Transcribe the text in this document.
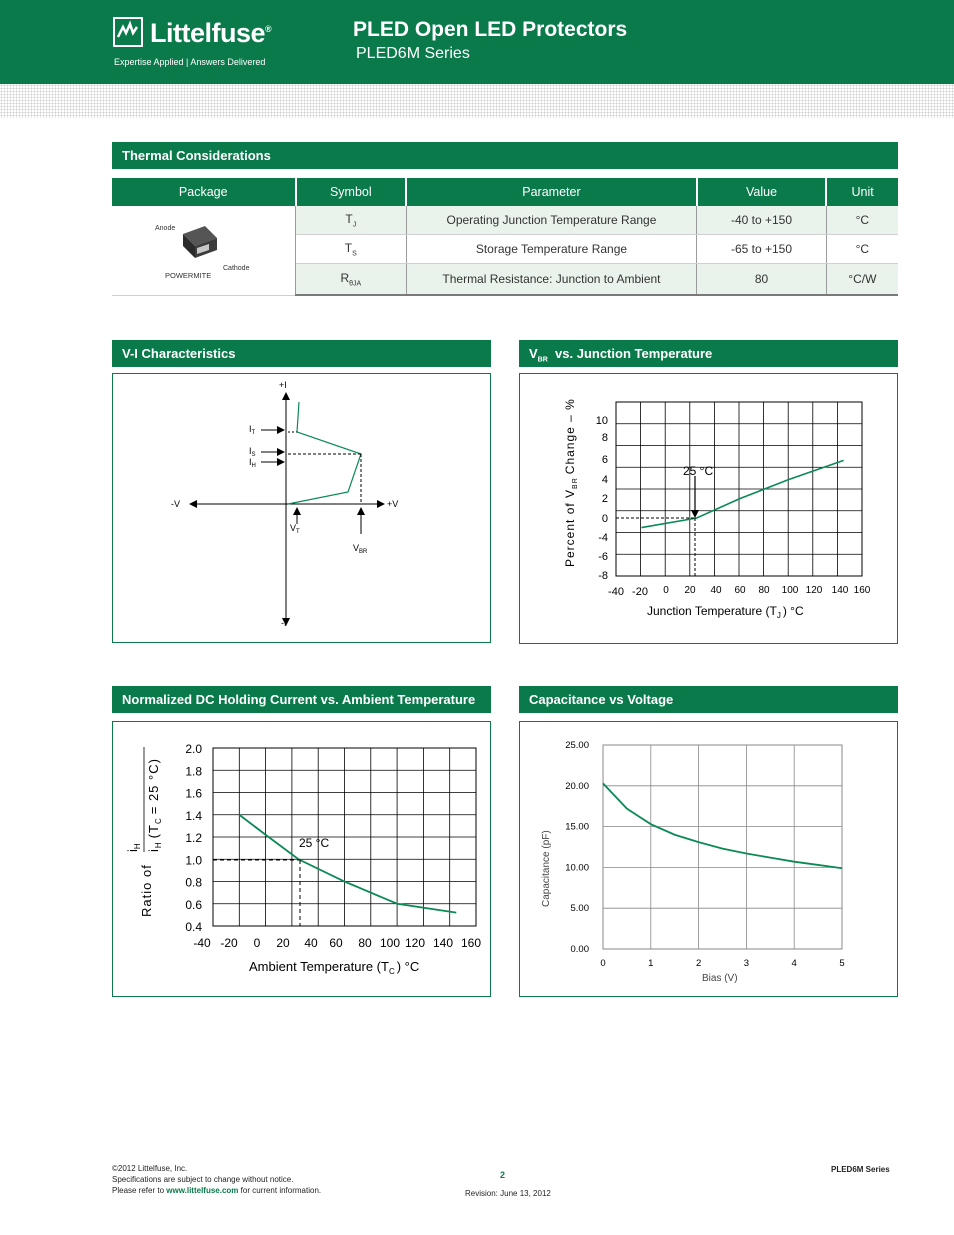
Littelfuse®
Expertise Applied | Answers Delivered
PLED Open LED Protectors
PLED6M Series
Thermal Considerations
Package	Symbol	Parameter	Value	Unit

Anode
Cathode
POWERMITE	$T_J$	Operating Junction Temperature Range	-40 to +150	°C
	$T_S$	Storage Temperature Range	-65 to +150	°C
	$R_{\theta JA}$	Thermal Resistance: Junction to Ambient	80	°C/W
V-I Characteristics
+I
-I
-V	+V
$I_T$
$I_S$
$I_H$
$V_T$
$V_{BR}$
$V_{BR}$ vs. Junction Temperature
-40 -20 0 20 40 60 80 100 120 140 160
10
8
6
4
2
0
-4
-6
-8
25 °C
Percent of $V_{BR}Change$ – %
Junction Temperature ($T_J$ ) °C
Normalized DC Holding Current vs. Ambient Temperature
-40 -20 0 20 40 60 80 100 120 140 160
2.0
1.8
1.6
1.4
1.2
1.0
0.8
0.6
0.4
25 °C
Ratio of
$i_H$
$i_H(T_C= 25$ °C)
Ambient Temperature ($T_C$ ) °C
Capacitance vs Voltage
0	1	2	3	4	5
25.00
20.00
15.00
10.00
5.00
0.00
Capacitance (pF)
Bias (V)
©2012 Littelfuse, Inc.
Specifications are subject to change without notice.
Please refer to www.littelfuse.com for current information.
2
Revision: June 13, 2012
PLED6M Series
